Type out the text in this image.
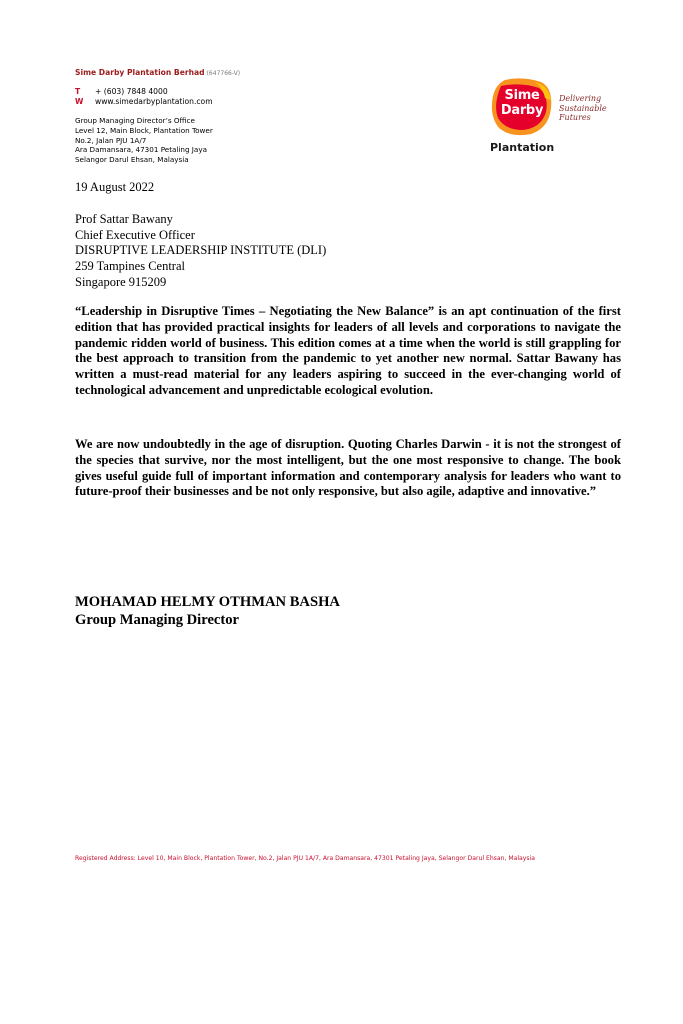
Sime Darby Plantation Berhad (647766-V)
T + (603) 7848 4000
W www.simedarbyplantation.com
Group Managing Director’s Office
Level 12, Main Block, Plantation Tower
No.2, Jalan PJU 1A/7
Ara Damansara, 47301 Petaling Jaya
Selangor Darul Ehsan, Malaysia
Sime
Darby
Delivering
Sustainable
Futures
Plantation
19 August 2022
Prof Sattar Bawany
Chief Executive Officer
DISRUPTIVE LEADERSHIP INSTITUTE (DLI)
259 Tampines Central
Singapore 915209

“Leadership in Disruptive Times – Negotiating the New Balance” is an apt continuation of the first edition that has provided practical insights for leaders of all levels and corporations to navigate the pandemic ridden world of business. This edition comes at a time when the world is still grappling for the best approach to transition from the pandemic to yet another new normal. Sattar Bawany has written a must-read material for any leaders aspiring to succeed in the ever-changing world of technological advancement and unpredictable ecological evolution.

We are now undoubtedly in the age of disruption. Quoting Charles Darwin - it is not the strongest of the species that survive, nor the most intelligent, but the one most responsive to change. The book gives useful guide full of important information and contemporary analysis for leaders who want to future-proof their businesses and be not only responsive, but also agile, adaptive and innovative.”

MOHAMAD HELMY OTHMAN BASHA
Group Managing Director
Registered Address: Level 10, Main Block, Plantation Tower, No.2, Jalan PJU 1A/7, Ara Damansara, 47301 Petaling Jaya, Selangor Darul Ehsan, Malaysia
